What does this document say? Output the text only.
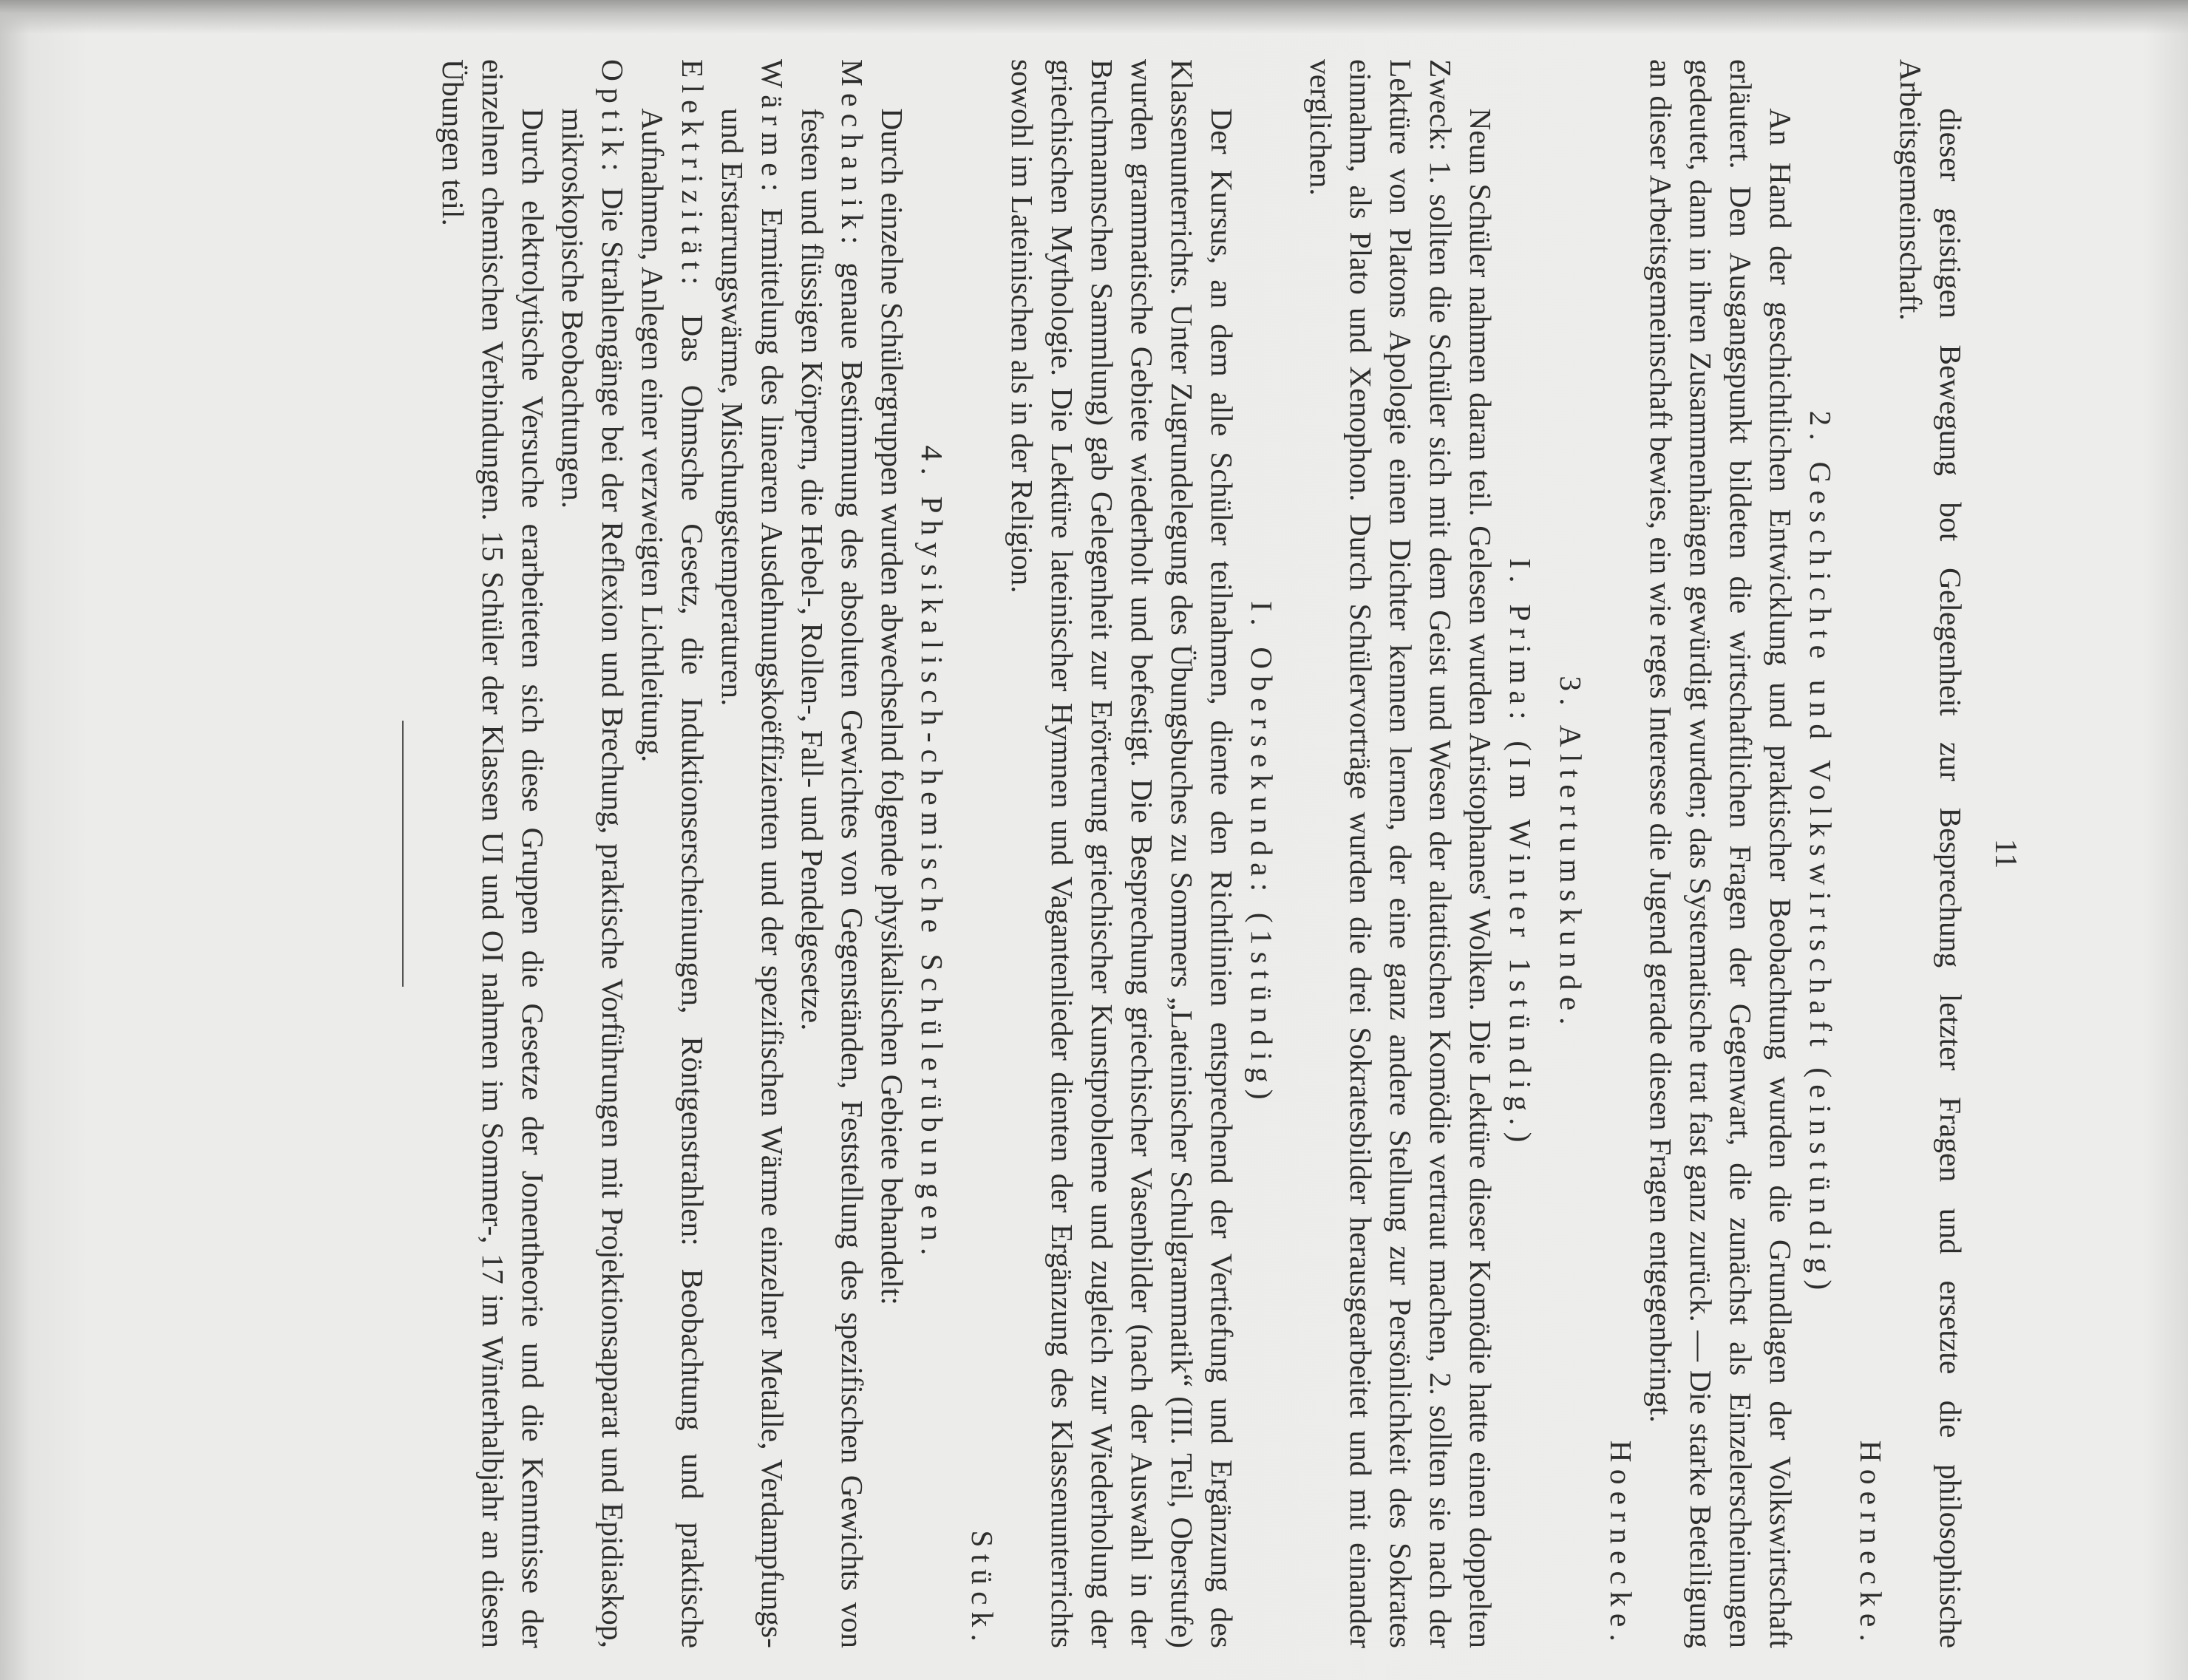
11

dieser geistigen Bewegung bot Gelegenheit zur Besprechung letzter Fragen und ersetzte die philosophische Arbeitsgemeinschaft.

Hoernecke.

2. Geschichte und Volkswirtschaft (einstündig)

An Hand der geschichtlichen Entwicklung und praktischer Beobachtung wurden die Grundlagen der Volkswirtschaft erläutert. Den Ausgangspunkt bildeten die wirtschaftlichen Fragen der Gegenwart, die zunächst als Einzelerscheinungen gedeutet, dann in ihren Zusammenhängen gewürdigt wurden; das Systematische trat fast ganz zurück. — Die starke Beteiligung an dieser Arbeitsgemeinschaft bewies, ein wie reges Interesse die Jugend gerade diesen Fragen entgegenbringt.

Hoernecke.

3. Altertumskunde.

I. Prima: (Im Winter 1stündig.)

Neun Schüler nahmen daran teil. Gelesen wurden Aristophanes' Wolken. Die Lektüre dieser Komödie hatte einen doppelten Zweck: 1. sollten die Schüler sich mit dem Geist und Wesen der altattischen Komödie vertraut machen, 2. sollten sie nach der Lektüre von Platons Apologie einen Dichter kennen lernen, der eine ganz andere Stellung zur Persönlichkeit des Sokrates einnahm, als Plato und Xenophon. Durch Schülervorträge wurden die drei Sokratesbilder herausgearbeitet und mit einander verglichen.

I. Obersekunda: (1stündig)

Der Kursus, an dem alle Schüler teilnahmen, diente den Richtlinien entsprechend der Vertiefung und Ergänzung des Klassenunterrichts. Unter Zugrundelegung des Übungsbuches zu Sommers „Lateinischer Schulgrammatik“ (III. Teil, Oberstufe) wurden grammatische Gebiete wiederholt und befestigt. Die Besprechung griechischer Vasenbilder (nach der Auswahl in der Bruchmannschen Sammlung) gab Gelegenheit zur Erörterung griechischer Kunstprobleme und zugleich zur Wiederholung der griechischen Mythologie. Die Lektüre lateinischer Hymnen und Vagantenlieder dienten der Ergänzung des Klassenunterrichts sowohl im Lateinischen als in der Religion.

Stück.

4. Physikalisch-chemische Schülerübungen.

Durch einzelne Schülergruppen wurden abwechselnd folgende physikalischen Gebiete behandelt:

Mechanik: genaue Bestimmung des absoluten Gewichtes von Gegenständen, Feststellung des spezifischen Gewichts von festen und flüssigen Körpern, die Hebel-, Rollen-, Fall- und Pendelgesetze.

Wärme: Ermittelung des linearen Ausdehnungskoëffizienten und der spezifischen Wärme einzelner Metalle, Verdampfungs- und Erstarrungswärme, Mischungstemperaturen.

Elektrizität: Das Ohmsche Gesetz, die Induktionserscheinungen, Röntgenstrahlen: Beobachtung und praktische Aufnahmen, Anlegen einer verzweigten Lichtleitung.

Optik: Die Strahlengänge bei der Reflexion und Brechung, praktische Vorführungen mit Projektionsapparat und Epidiaskop, mikroskopische Beobachtungen.

Durch elektrolytische Versuche erarbeiteten sich diese Gruppen die Gesetze der Jonentheorie und die Kenntnisse der einzelnen chemischen Verbindungen. 15 Schüler der Klassen UI und OI nahmen im Sommer-, 17 im Winterhalbjahr an diesen Übungen teil.
